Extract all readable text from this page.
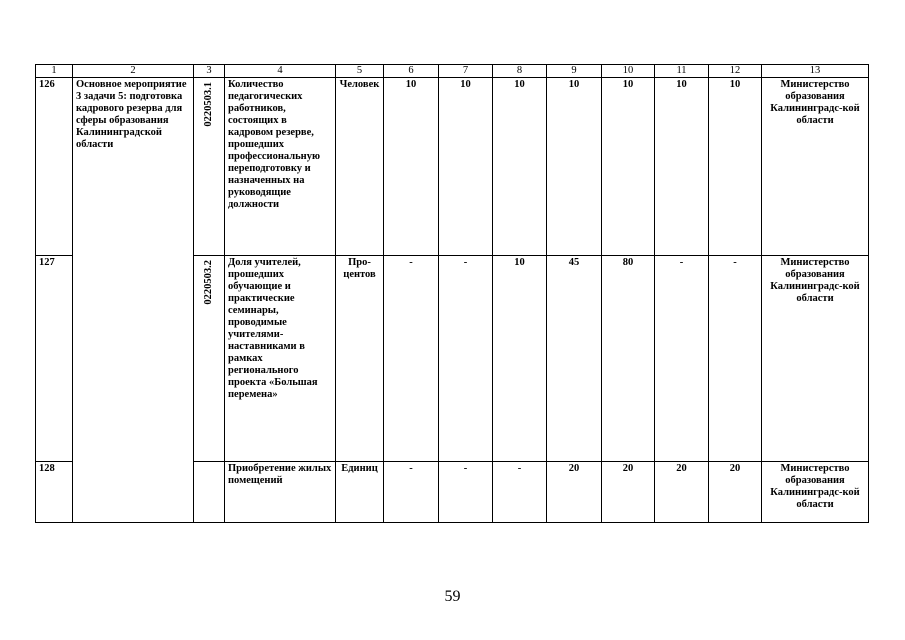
1	2	3	4	5	6	7	8	9	10	11	12	13
126	Основное мероприятие 3 задачи 5: подготовка кадрового резерва для сферы образования Калининградской области	0220503.1	Количество педагогических работников, состоящих в кадровом резерве, прошедших профессиональную переподготовку и назначенных на руководящие должности	Человек	10	10	10	10	10	10	10	Министерство образования Калининградс-кой области
127		0220503.2	Доля учителей, прошедших обучающие и практические семинары, проводимые учителями-наставниками в рамках регионального проекта «Большая перемена»	Про-центов	-	-	10	45	80	-	-	Министерство образования Калининградс-кой области
128			Приобретение жилых помещений	Единиц	-	-	-	20	20	20	20	Министерство образования Калининградс-кой области
59
